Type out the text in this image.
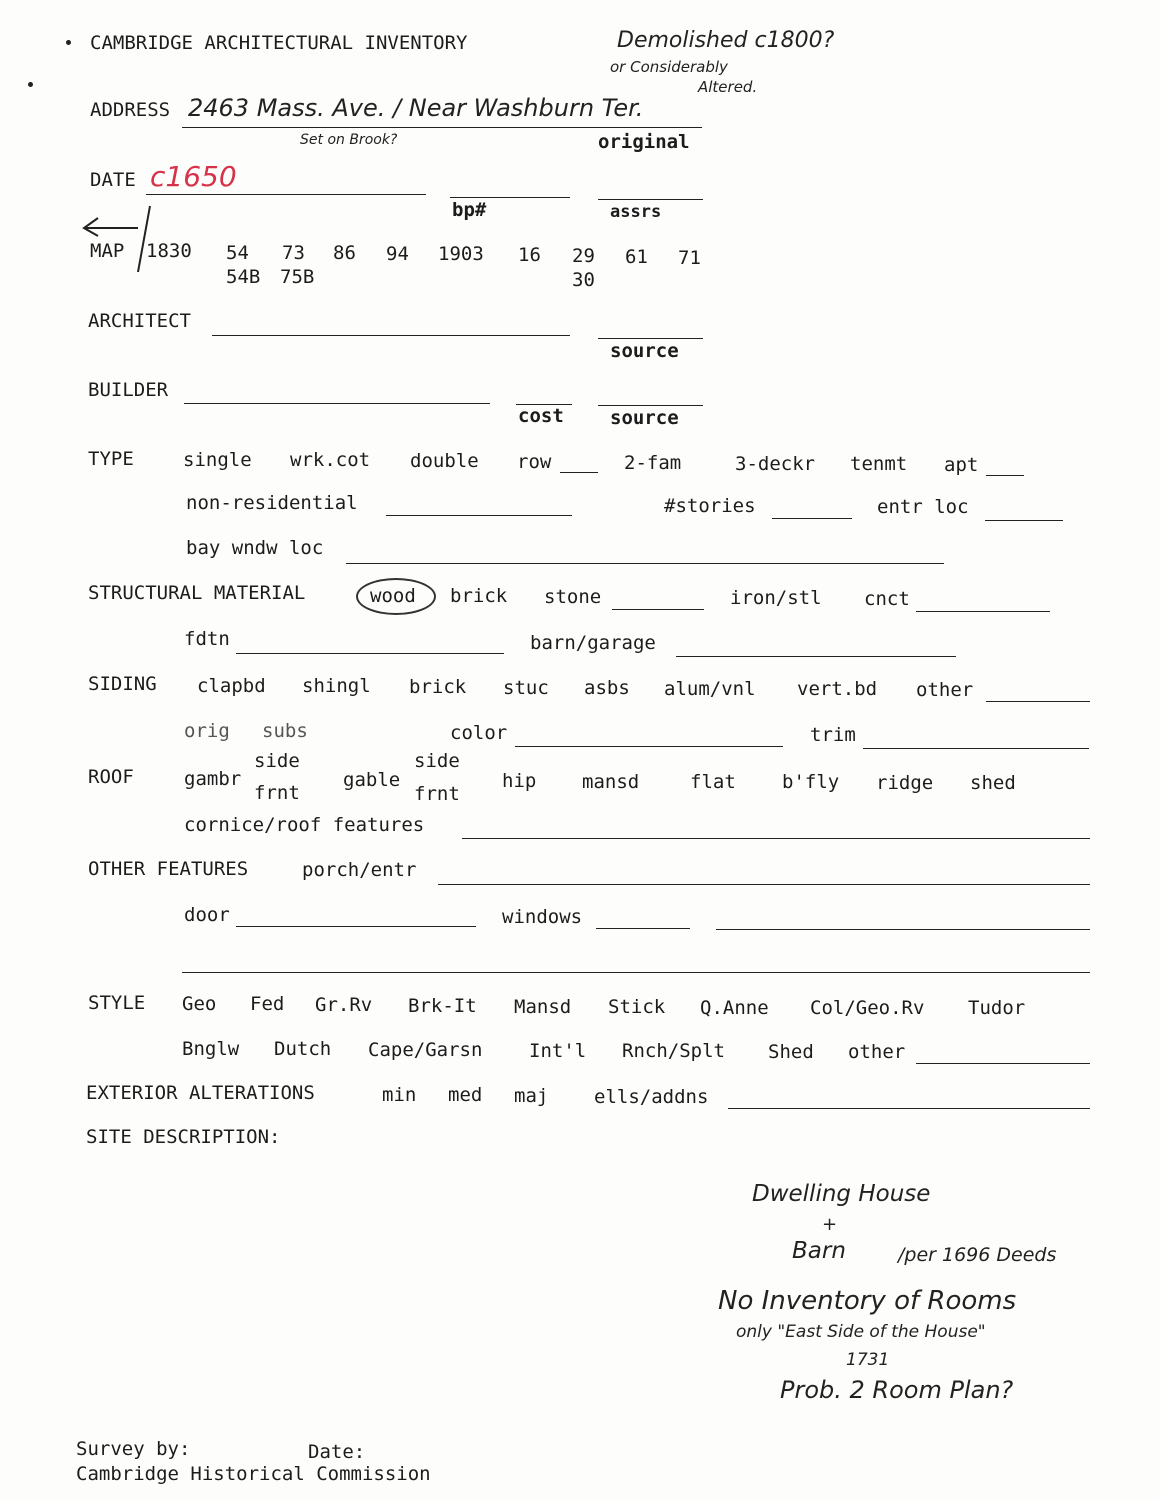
CAMBRIDGE ARCHITECTURAL INVENTORY	Demolished c1800?
or Considerably
Altered.
ADDRESS 2463 Mass. Ave. / Near Washburn Ter.
Set on Brook?	original
DATE c1650
bp#	assrs
MAP 1830 54 73 86 94 1903 16 29 61 71
54B 75B	30
ARCHITECT
source
BUILDER
cost source
TYPE	single wrk.cot double row	2-fam	3-deckr tenmt apt
non-residential	#stories	entr loc
bay wndw loc
STRUCTURAL MATERIAL	wood brick stone	iron/stl cnct
fdtn	barn/garage
SIDING clapbd shingl brick stuc asbs alum/vnl vert.bd other
orig subs	color	trim
ROOF	gambr
side
frnt
gable
side
frnt
hip mansd	flat b'fly ridge shed
cornice/roof features
OTHER FEATURES	porch/entr
door	windows
STYLE Geo Fed Gr.Rv Brk-It Mansd Stick Q.Anne Col/Geo.Rv Tudor
Bnglw Dutch Cape/Garsn Int'l Rnch/Splt Shed other
EXTERIOR ALTERATIONS	min med maj ells/addns
SITE DESCRIPTION:
Dwelling House
+
Barn	/per 1696 Deeds
No Inventory of Rooms
only "East Side of the House"
1731
Prob. 2 Room Plan?
Survey by:	Date:
Cambridge Historical Commission
